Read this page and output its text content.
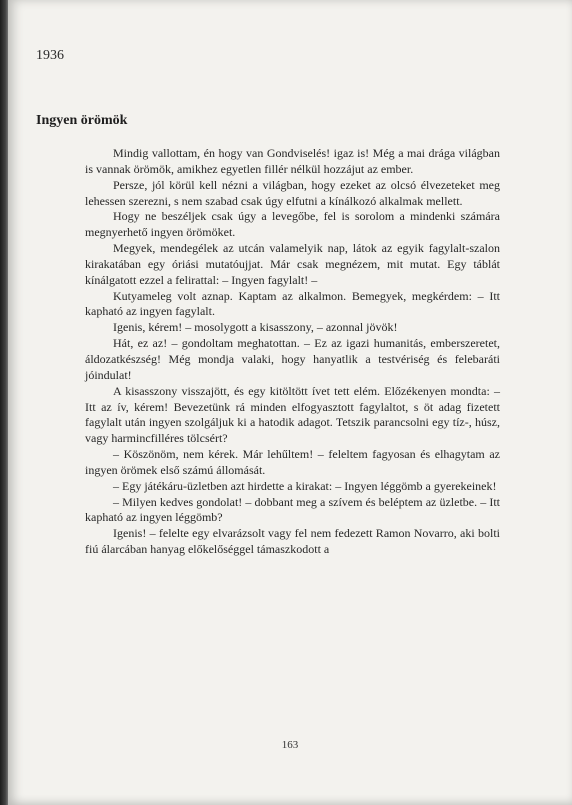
1936
Ingyen örömök

Mindig vallottam, én hogy van Gondviselés! igaz is! Még a mai drága világban is vannak örömök, amikhez egyetlen fillér nélkül hozzájut az ember.

Persze, jól körül kell nézni a világban, hogy ezeket az olcsó élvezeteket meg lehessen szerezni, s nem szabad csak úgy elfutni a kínálkozó alkalmak mellett.

Hogy ne beszéljek csak úgy a levegőbe, fel is sorolom a mindenki számára megnyerhető ingyen örömöket.

Megyek, mendegélek az utcán valamelyik nap, látok az egyik fagylalt-szalon kirakatában egy óriási mutatóujjat. Már csak megnézem, mit mutat. Egy táblát kínálgatott ezzel a felirattal: – Ingyen fagylalt! –

Kutyameleg volt aznap. Kaptam az alkalmon. Bemegyek, megkérdem: – Itt kapható az ingyen fagylalt.

Igenis, kérem! – mosolygott a kisasszony, – azonnal jövök!

Hát, ez az! – gondoltam meghatottan. – Ez az igazi humanitás, emberszeretet, áldozatkészség! Még mondja valaki, hogy hanyatlik a testvériség és felebaráti jóindulat!

A kisasszony visszajött, és egy kitöltött ívet tett elém. Előzékenyen mondta: – Itt az ív, kérem! Bevezetünk rá minden elfogyasztott fagylaltot, s öt adag fizetett fagylalt után ingyen szolgáljuk ki a hatodik adagot. Tetszik parancsolni egy tíz-, húsz, vagy harmincfilléres tölcsért?

– Köszönöm, nem kérek. Már lehűltem! – feleltem fagyosan és elhagytam az ingyen örömek első számú állomását.

– Egy játékáru-üzletben azt hirdette a kirakat: – Ingyen léggömb a gyerekeinek!

– Milyen kedves gondolat! – dobbant meg a szívem és beléptem az üzletbe. – Itt kapható az ingyen léggömb?

Igenis! – felelte egy elvarázsolt vagy fel nem fedezett Ramon Novarro, aki bolti fiú álarcában hanyag előkelőséggel támaszkodott a

163
